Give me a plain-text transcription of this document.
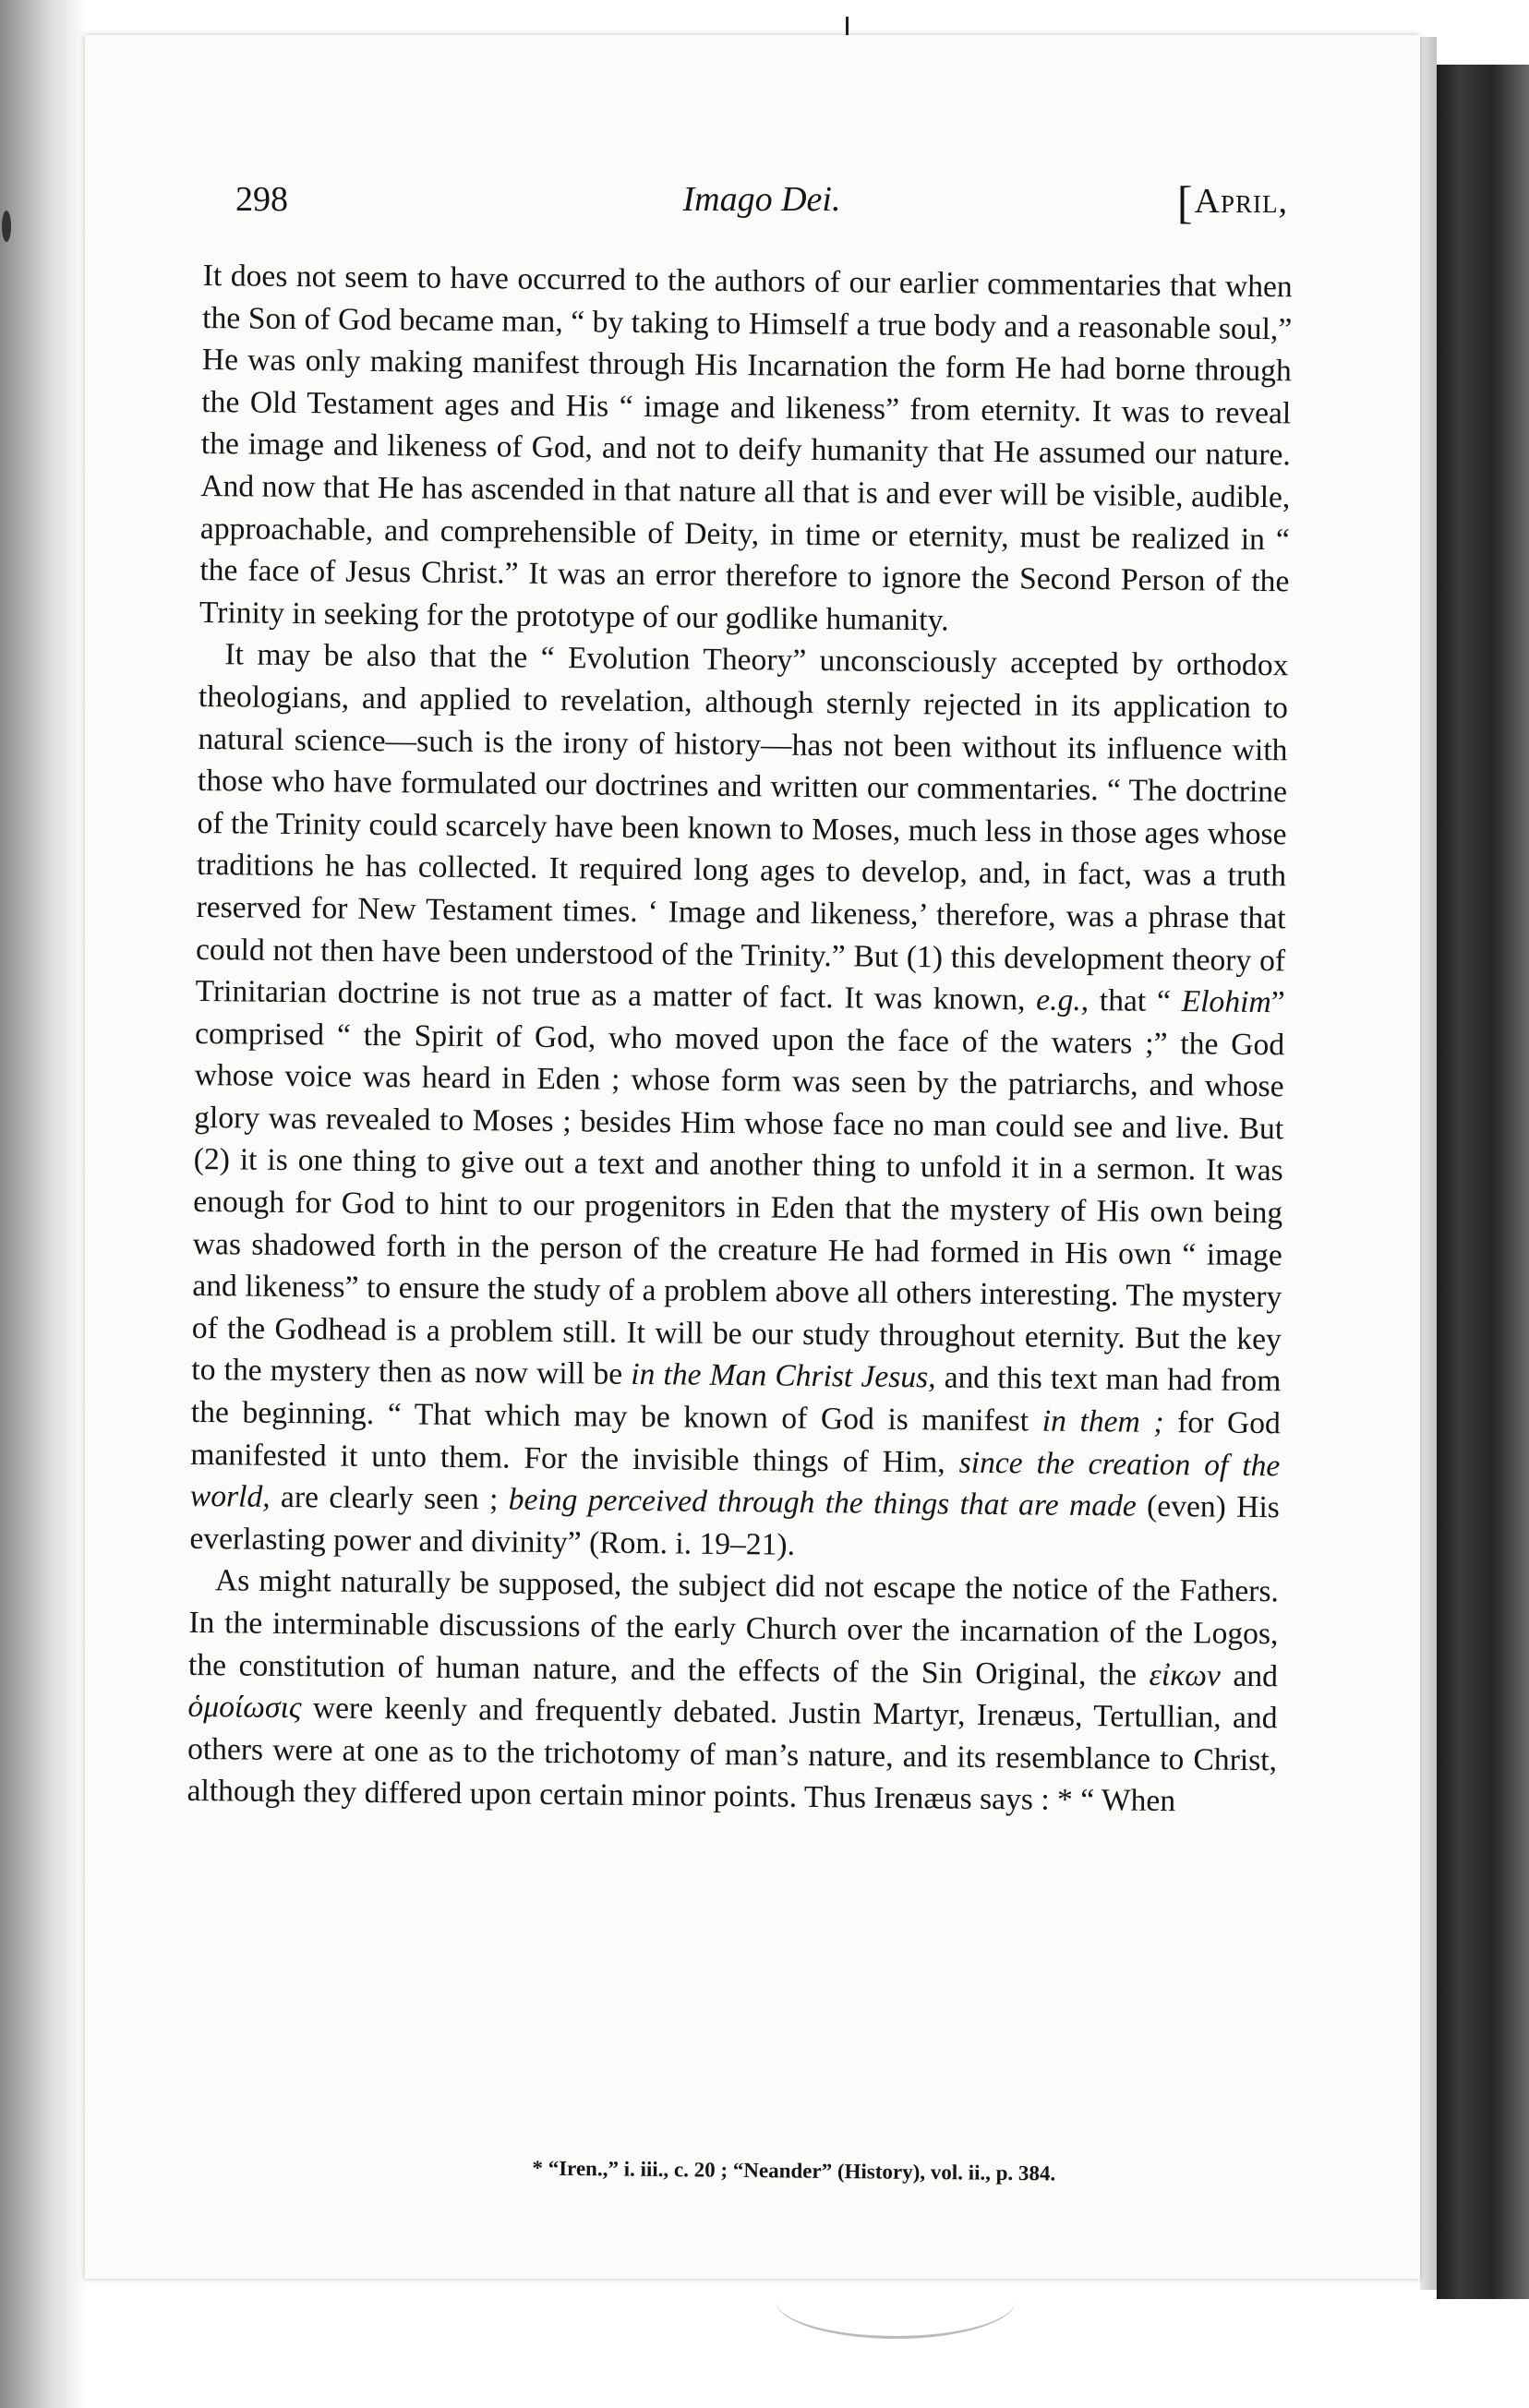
298	Imago Dei.	[April,

It does not seem to have occurred to the authors of our earlier commentaries that when the Son of God became man, “ by taking to Himself a true body and a reasonable soul,” He was only making manifest through His Incarnation the form He had borne through the Old Testament ages and His “ image and likeness” from eternity. It was to reveal the image and likeness of God, and not to deify humanity that He assumed our nature. And now that He has ascended in that nature all that is and ever will be visible, audible, approachable, and comprehensible of Deity, in time or eternity, must be realized in “ the face of Jesus Christ.” It was an error therefore to ignore the Second Person of the Trinity in seeking for the prototype of our godlike humanity.

It may be also that the “ Evolution Theory” unconsciously accepted by orthodox theologians, and applied to revelation, although sternly rejected in its application to natural science—such is the irony of history—has not been without its influence with those who have formulated our doctrines and written our commentaries. “ The doctrine of the Trinity could scarcely have been known to Moses, much less in those ages whose traditions he has collected. It required long ages to develop, and, in fact, was a truth reserved for New Testament times. ‘ Image and likeness,’ therefore, was a phrase that could not then have been understood of the Trinity.” But (1) this development theory of Trinitarian doctrine is not true as a matter of fact. It was known, e.g., that “ Elohim” comprised “ the Spirit of God, who moved upon the face of the waters ;” the God whose voice was heard in Eden ; whose form was seen by the patriarchs, and whose glory was revealed to Moses ; besides Him whose face no man could see and live. But (2) it is one thing to give out a text and another thing to unfold it in a sermon. It was enough for God to hint to our progenitors in Eden that the mystery of His own being was shadowed forth in the person of the creature He had formed in His own “ image and likeness” to ensure the study of a problem above all others interesting. The mystery of the Godhead is a problem still. It will be our study throughout eternity. But the key to the mystery then as now will be in the Man Christ Jesus, and this text man had from the beginning. “ That which may be known of God is manifest in them ; for God manifested it unto them. For the invisible things of Him, since the creation of the world, are clearly seen ; being perceived through the things that are made (even) His everlasting power and divinity” (Rom. i. 19–21).

As might naturally be supposed, the subject did not escape the notice of the Fathers. In the interminable discussions of the early Church over the incarnation of the Logos, the constitution of human nature, and the effects of the Sin Original, the εἰκων and ὁμοίωσις were keenly and frequently debated. Justin Martyr, Irenæus, Tertullian, and others were at one as to the trichotomy of man’s nature, and its resemblance to Christ, although they differed upon certain minor points. Thus Irenæus says : * “ When

* “Iren.,” i. iii., c. 20 ; “Neander” (History), vol. ii., p. 384.
